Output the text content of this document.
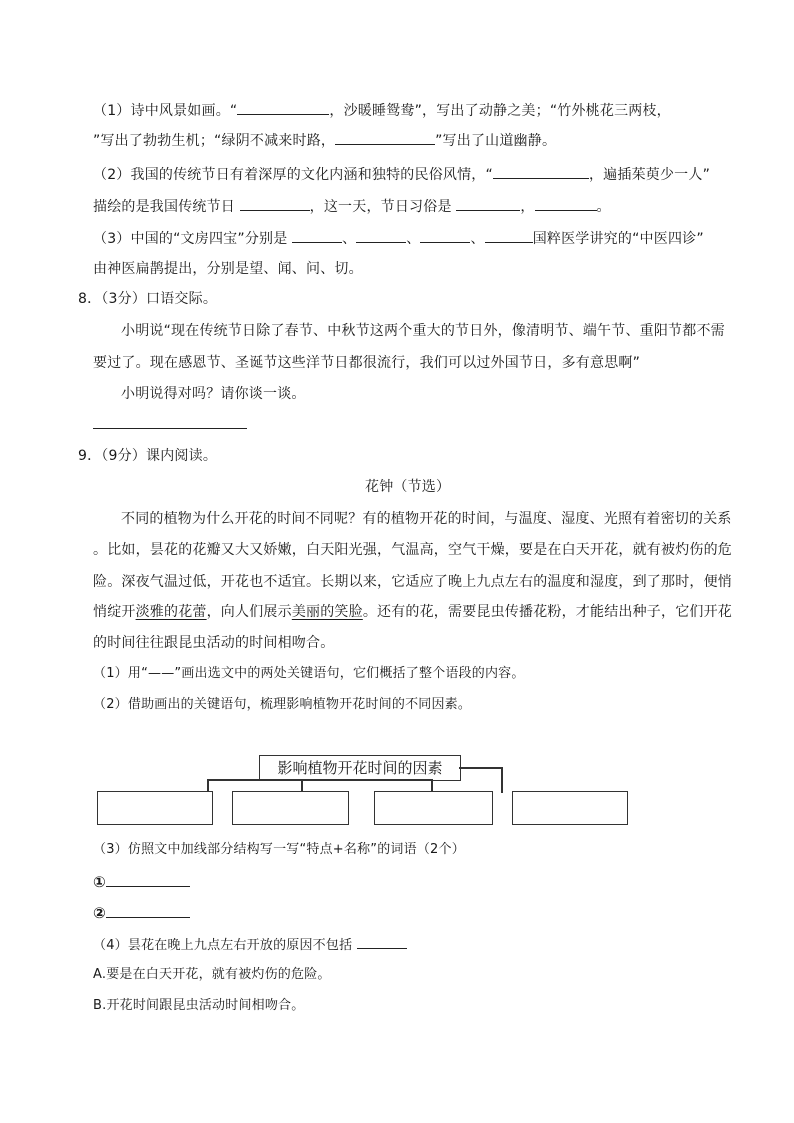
（1）诗中风景如画。“	，沙暖睡鸳鸯”，写出了动静之美；“竹外桃花三两枝，
”写出了勃勃生机；“绿阴不减来时路，	”写出了山道幽静。
（2）我国的传统节日有着深厚的文化内涵和独特的民俗风情，“	，遍插茱萸少一人”
描绘的是我国传统节日	，这一天，节日习俗是	，	。
（3）中国的“文房四宝”分别是	、	、	、	国粹医学讲究的“中医四诊”
由神医扁鹊提出，分别是望、闻、问、切。
8．（3分）口语交际。
小明说“现在传统节日除了春节、中秋节这两个重大的节日外，像清明节、端午节、重阳节都不需
要过了。现在感恩节、圣诞节这些洋节日都很流行，我们可以过外国节日，多有意思啊”
小明说得对吗？请你谈一谈。
9．（9分）课内阅读。
花钟（节选）
不同的植物为什么开花的时间不同呢？有的植物开花的时间，与温度、湿度、光照有着密切的关系
。比如，昙花的花瓣又大又娇嫩，白天阳光强，气温高，空气干燥，要是在白天开花，就有被灼伤的危
险。深夜气温过低，开花也不适宜。长期以来，它适应了晚上九点左右的温度和湿度，到了那时，便悄
悄绽开淡雅的花蕾，向人们展示美丽的笑脸。还有的花，需要昆虫传播花粉，才能结出种子，它们开花
的时间往往跟昆虫活动的时间相吻合。
（1）用“——”画出选文中的两处关键语句，它们概括了整个语段的内容。
（2）借助画出的关键语句，梳理影响植物开花时间的不同因素。
影响植物开花时间的因素
（3）仿照文中加线部分结构写一写“特点+名称”的词语（2个）
①
②
（4）昙花在晚上九点左右开放的原因不包括
A.要是在白天开花，就有被灼伤的危险。
B.开花时间跟昆虫活动时间相吻合。
